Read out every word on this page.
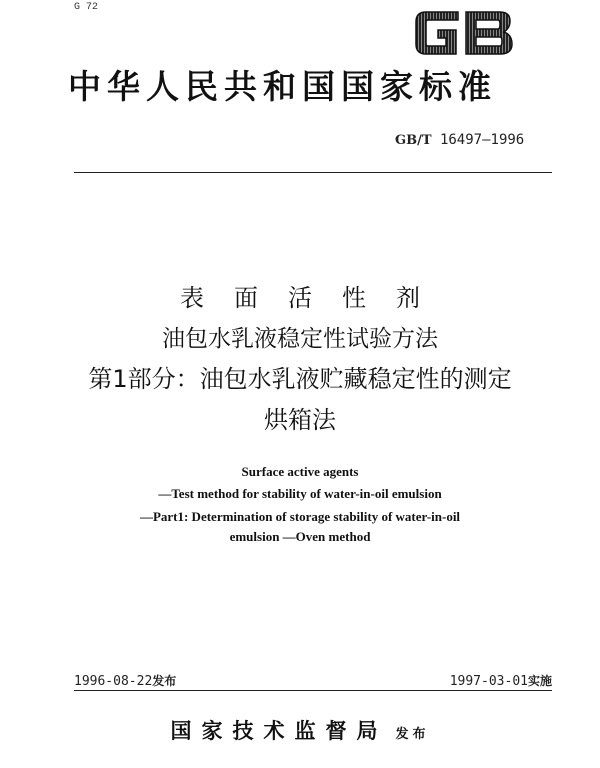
G 72
中华人民共和国国家标准
GB/T 16497—1996
表面活性剂
油包水乳液稳定性试验方法
第1部分：油包水乳液贮藏稳定性的测定
烘箱法
Surface active agents
—Test method for stability of water-in-oil emulsion
—Part1: Determination of storage stability of water-in-oil
emulsion —Oven method
1996-08-22发布	1997-03-01实施
国家技术监督局 发布
